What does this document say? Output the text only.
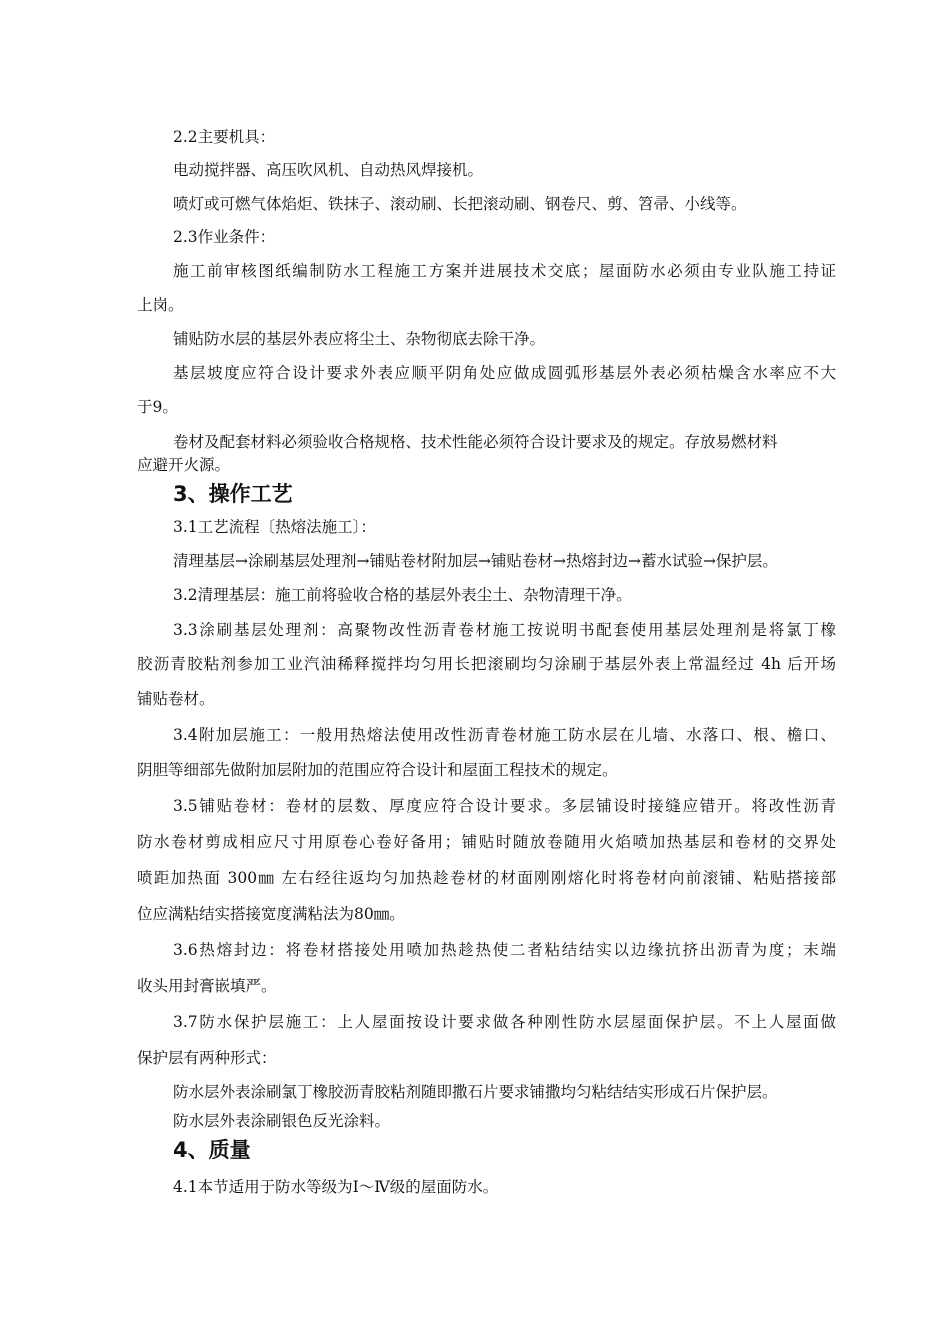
2.2主要机具：
电动搅拌器、高压吹风机、自动热风焊接机。
喷灯或可燃气体焰炬、铁抹子、滚动刷、长把滚动刷、钢卷尺、剪、笤帚、小线等。
2.3作业条件：
施工前审核图纸编制防水工程施工方案并进展技术交底；屋面防水必须由专业队施工持证
上岗。
铺贴防水层的基层外表应将尘土、杂物彻底去除干净。
基层坡度应符合设计要求外表应顺平阴角处应做成圆弧形基层外表必须枯燥含水率应不大
于9。
卷材及配套材料必须验收合格规格、技术性能必须符合设计要求及的规定。存放易燃材料
应避开火源。
3、操作工艺
3.1工艺流程〔热熔法施工〕：
清理基层→涂刷基层处理剂→铺贴卷材附加层→铺贴卷材→热熔封边→蓄水试验→保护层。
3.2清理基层：施工前将验收合格的基层外表尘土、杂物清理干净。
3.3涂刷基层处理剂：高聚物改性沥青卷材施工按说明书配套使用基层处理剂是将氯丁橡
胶沥青胶粘剂参加工业汽油稀释搅拌均匀用长把滚刷均匀涂刷于基层外表上常温经过 4h 后开场
铺贴卷材。
3.4附加层施工：一般用热熔法使用改性沥青卷材施工防水层在儿墙、水落口、根、檐口、
阴胆等细部先做附加层附加的范围应符合设计和屋面工程技术的规定。
3.5铺贴卷材：卷材的层数、厚度应符合设计要求。多层铺设时接缝应错开。将改性沥青
防水卷材剪成相应尺寸用原卷心卷好备用；铺贴时随放卷随用火焰喷加热基层和卷材的交界处
喷距加热面 300㎜ 左右经往返均匀加热趁卷材的材面刚刚熔化时将卷材向前滚铺、粘贴搭接部
位应满粘结实搭接宽度满粘法为80㎜。
3.6热熔封边：将卷材搭接处用喷加热趁热使二者粘结结实以边缘抗挤出沥青为度；末端
收头用封膏嵌填严。
3.7防水保护层施工：上人屋面按设计要求做各种刚性防水层屋面保护层。不上人屋面做
保护层有两种形式：
防水层外表涂刷氯丁橡胶沥青胶粘剂随即撒石片要求铺撒均匀粘结结实形成石片保护层。
防水层外表涂刷银色反光涂料。
4、质量
4.1本节适用于防水等级为Ⅰ～Ⅳ级的屋面防水。
